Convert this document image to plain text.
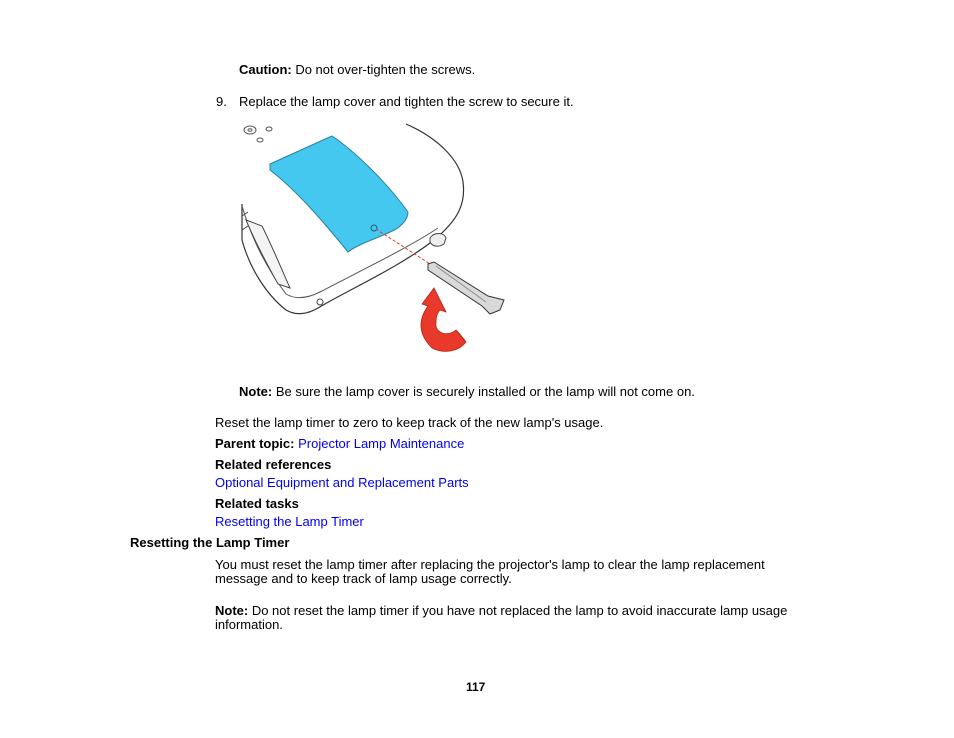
Caution: Do not over-tighten the screws.
9. Replace the lamp cover and tighten the screw to secure it.
Note: Be sure the lamp cover is securely installed or the lamp will not come on.
Reset the lamp timer to zero to keep track of the new lamp's usage.
Parent topic: Projector Lamp Maintenance
Related references
Optional Equipment and Replacement Parts
Related tasks
Resetting the Lamp Timer
Resetting the Lamp Timer
You must reset the lamp timer after replacing the projector's lamp to clear the lamp replacement
message and to keep track of lamp usage correctly.
Note: Do not reset the lamp timer if you have not replaced the lamp to avoid inaccurate lamp usage
information.
117
